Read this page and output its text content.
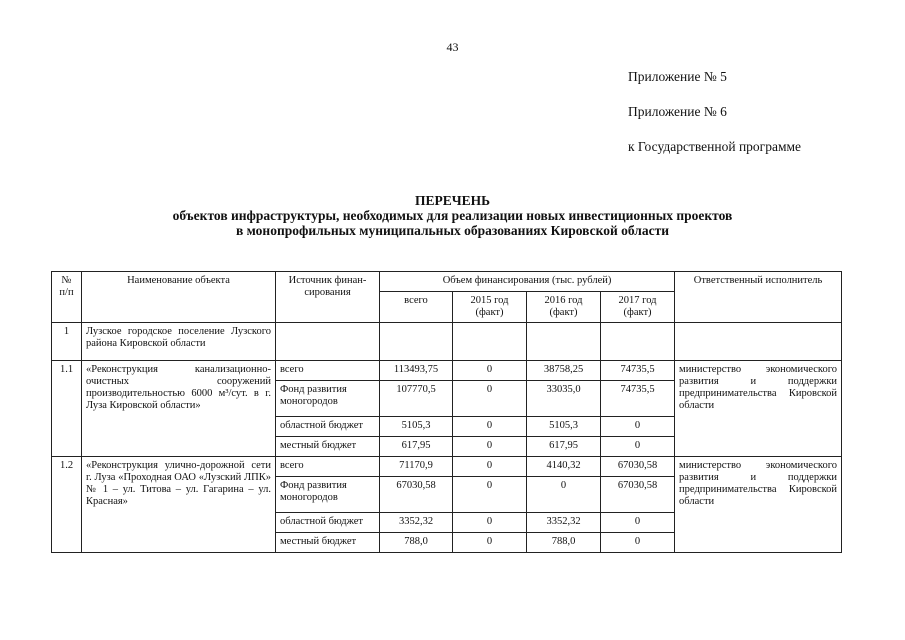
43
Приложение № 5
Приложение № 6
к Государственной программе
ПЕРЕЧЕНЬ
объектов инфраструктуры, необходимых для реализации новых инвестиционных проектов
в монопрофильных муниципальных образованиях Кировской области
№ п/п	Наименование объекта	Источник финан-сирования	Объем финансирования (тыс. рублей)				Ответственный исполнитель
			всего	2015 год (факт)	2016 год (факт)	2017 год (факт)	
1	Лузское городское поселение Лузского района Кировской области						
1.1	«Реконструкция канализационно-очистных сооружений производительностью 6000 м³/сут. в г. Луза Кировской области»	всего	113493,75	0	38758,25	74735,5	министерство экономического развития и поддержки предпринимательства Кировской области
		Фонд развития моногородов	107770,5	0	33035,0	74735,5	
		областной бюджет	5105,3	0	5105,3	0	
		местный бюджет	617,95	0	617,95	0	
1.2	«Реконструкция улично-дорожной сети г. Луза «Проходная ОАО «Лузский ЛПК» № 1 – ул. Титова – ул. Гагарина – ул. Красная»	всего	71170,9	0	4140,32	67030,58	министерство экономического развития и поддержки предпринимательства Кировской области
		Фонд развития моногородов	67030,58	0	0	67030,58	
		областной бюджет	3352,32	0	3352,32	0	
		местный бюджет	788,0	0	788,0	0	
